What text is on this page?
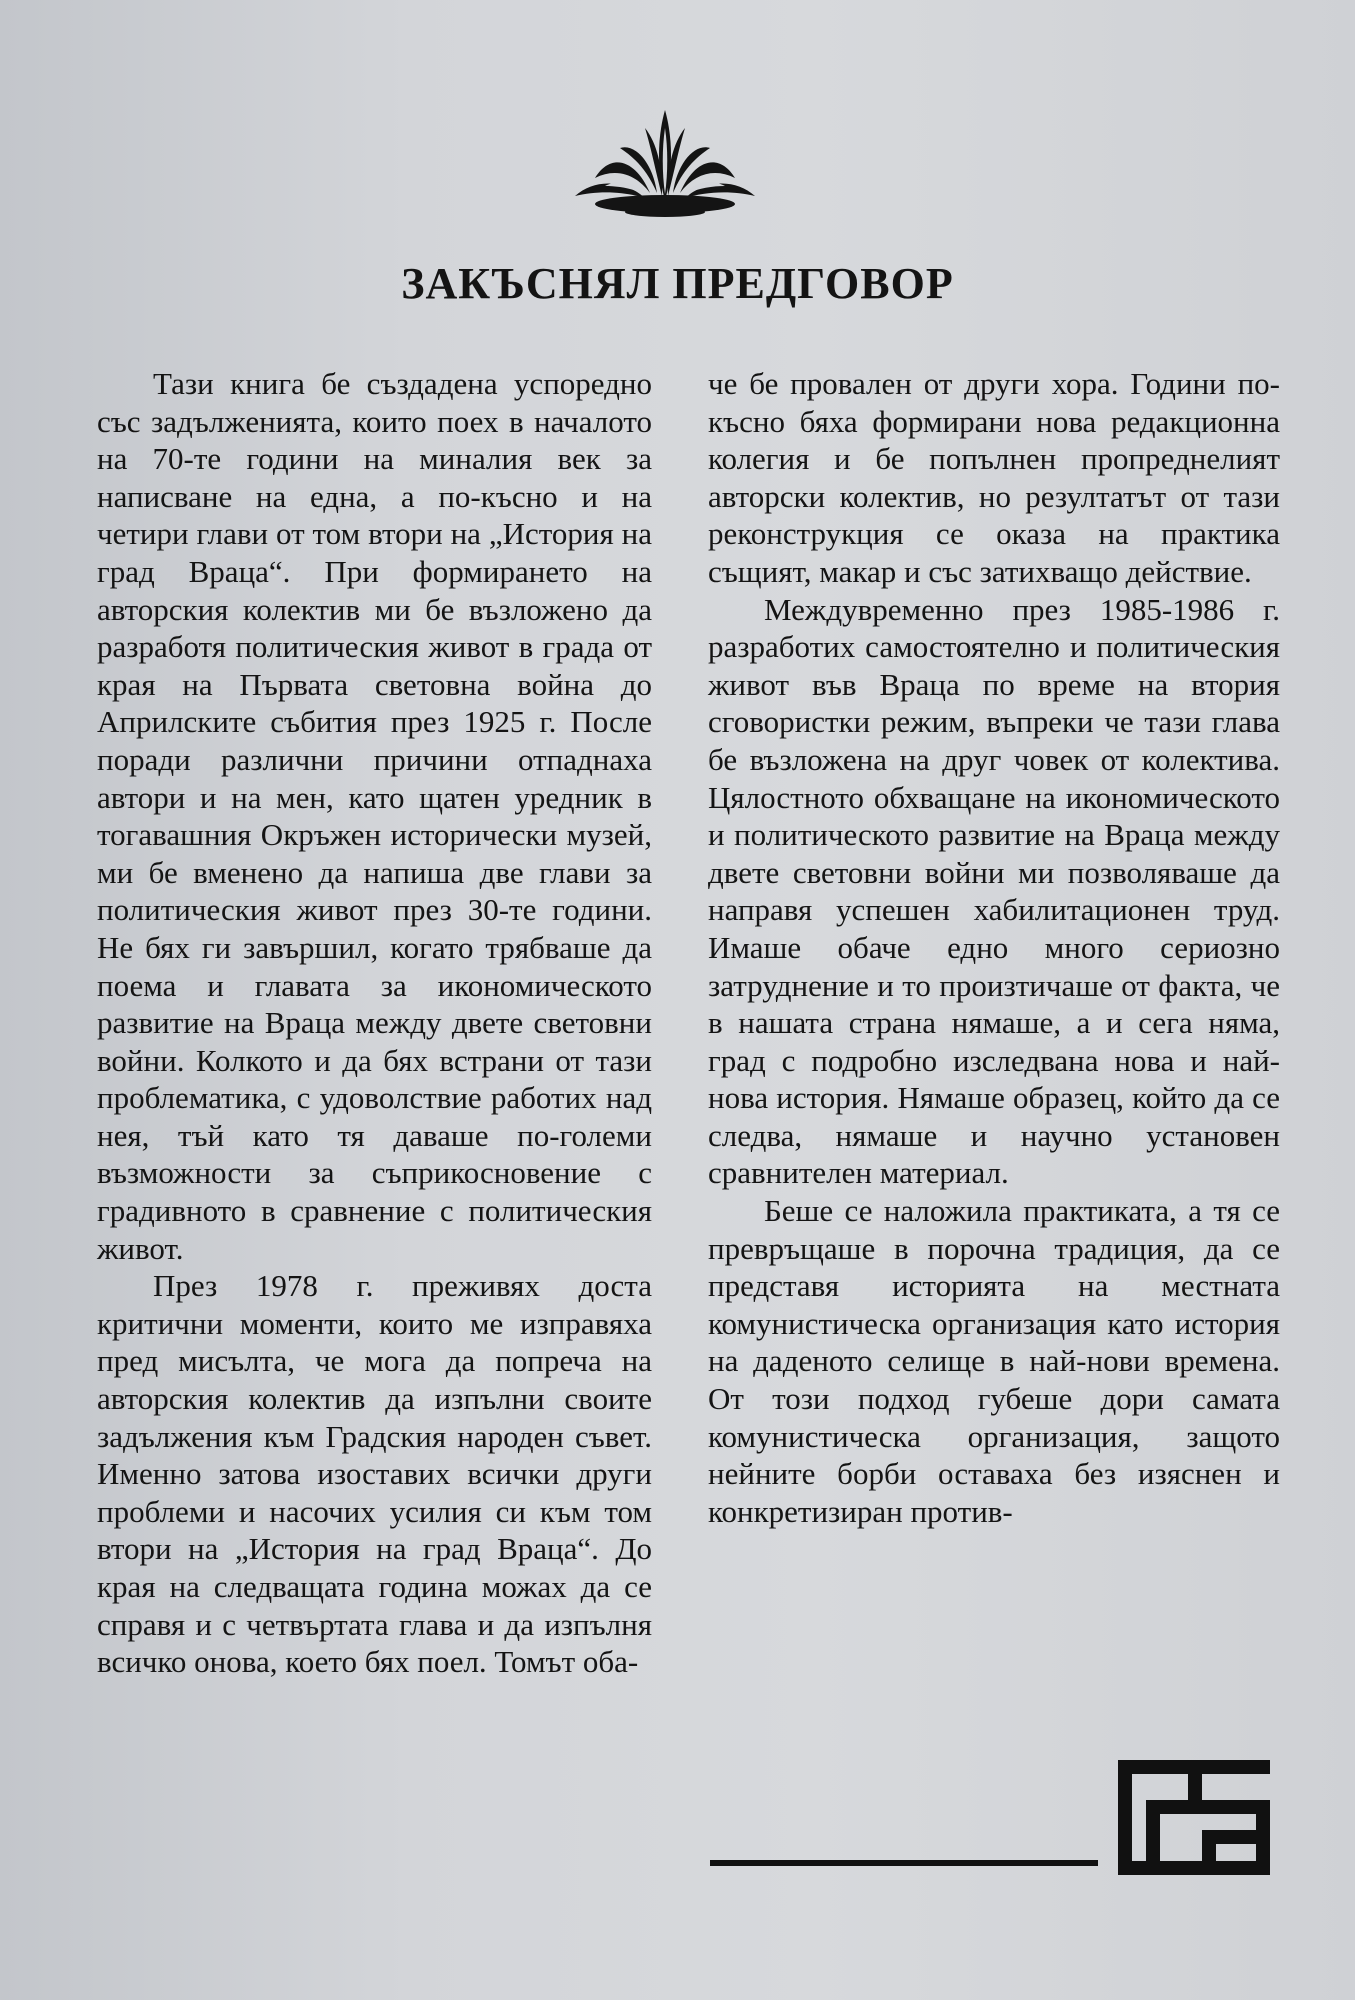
ЗАКЪСНЯЛ ПРЕДГОВОР

Тази книга бе създадена успоредно със задълженията, които поех в началото на 70-те години на миналия век за написване на една, а по-късно и на четири глави от том втори на „История на град Враца“. При формирането на авторския колектив ми бе възложено да разработя политическия живот в града от края на Първата световна война до Априлските събития през 1925 г. После поради различни причини отпаднаха автори и на мен, като щатен уредник в тогавашния Окръжен исторически музей, ми бе вменено да напиша две глави за политическия живот през 30-те години. Не бях ги завършил, когато трябваше да поема и главата за икономическото развитие на Враца между двете световни войни. Колкото и да бях встрани от тази проблематика, с удоволствие работих над нея, тъй като тя даваше по-големи възможности за съприкосновение с градивното в сравнение с политическия живот.

През 1978 г. преживях доста критични моменти, които ме изправяха пред мисълта, че мога да попреча на авторския колектив да изпълни своите задължения към Градския народен съвет. Именно затова изоставих всички други проблеми и насочих усилия си към том втори на „История на град Враца“. До края на следващата година можах да се справя и с четвъртата глава и да изпълня всичко онова, което бях поел. Томът оба-

че бе провален от други хора. Години по-късно бяха формирани нова редакционна колегия и бе попълнен пропреднелият авторски колектив, но резултатът от тази реконструкция се оказа на практика същият, макар и със затихващо действие.

Междувременно през 1985-1986 г. разработих самостоятелно и политическия живот във Враца по време на втория сговористки режим, въпреки че тази глава бе възложена на друг човек от колектива. Цялостното обхващане на икономическото и политическото развитие на Враца между двете световни войни ми позволяваше да направя успешен хабилитационен труд. Имаше обаче едно много сериозно затруднение и то произтичаше от факта, че в нашата страна нямаше, а и сега няма, град с подробно изследвана нова и най-нова история. Нямаше образец, който да се следва, нямаше и научно установен сравнителен материал.

Беше се наложила практиката, а тя се превръщаше в порочна традиция, да се представя историята на местната комунистическа организация като история на даденото селище в най-нови времена. От този подход губеше дори самата комунистическа организация, защото нейните борби оставаха без изяснен и конкретизиран против-
